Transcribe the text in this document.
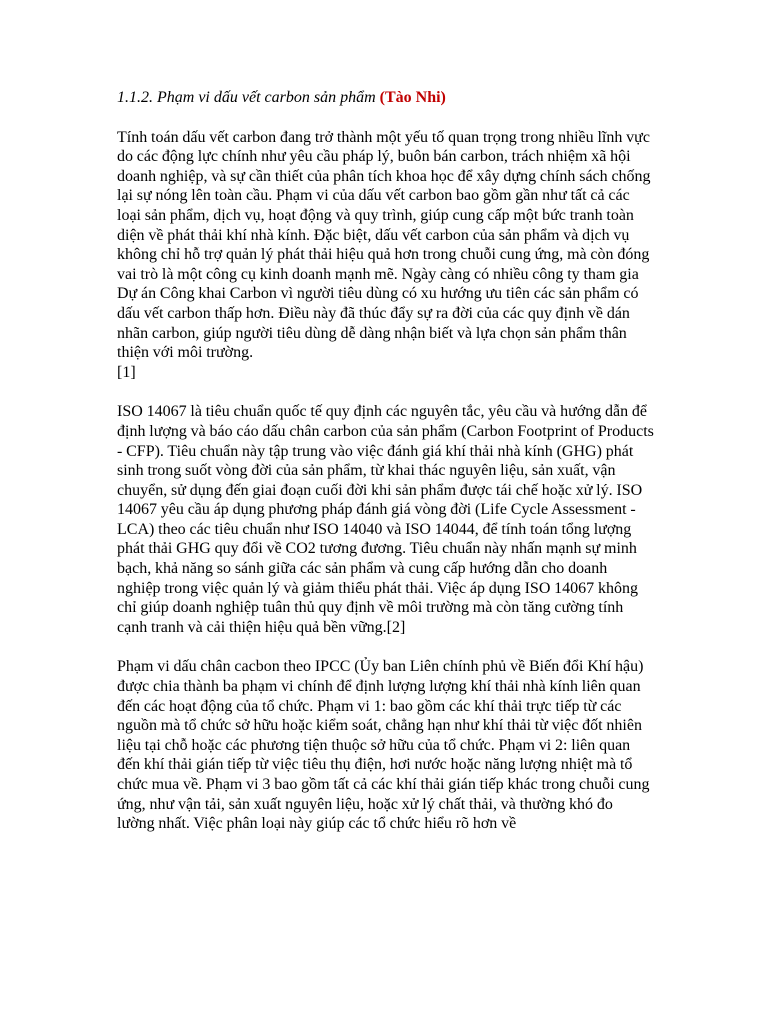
1.1.2. Phạm vi dấu vết carbon sản phẩm (Tào Nhi)

Tính toán dấu vết carbon đang trở thành một yếu tố quan trọng trong nhiều lĩnh vực do các động lực chính như yêu cầu pháp lý, buôn bán carbon, trách nhiệm xã hội doanh nghiệp, và sự cần thiết của phân tích khoa học để xây dựng chính sách chống lại sự nóng lên toàn cầu. Phạm vi của dấu vết carbon bao gồm gần như tất cả các loại sản phẩm, dịch vụ, hoạt động và quy trình, giúp cung cấp một bức tranh toàn diện về phát thải khí nhà kính. Đặc biệt, dấu vết carbon của sản phẩm và dịch vụ không chỉ hỗ trợ quản lý phát thải hiệu quả hơn trong chuỗi cung ứng, mà còn đóng vai trò là một công cụ kinh doanh mạnh mẽ. Ngày càng có nhiều công ty tham gia Dự án Công khai Carbon vì người tiêu dùng có xu hướng ưu tiên các sản phẩm có dấu vết carbon thấp hơn. Điều này đã thúc đẩy sự ra đời của các quy định về dán nhãn carbon, giúp người tiêu dùng dễ dàng nhận biết và lựa chọn sản phẩm thân thiện với môi trường.
[1]

ISO 14067 là tiêu chuẩn quốc tế quy định các nguyên tắc, yêu cầu và hướng dẫn để định lượng và báo cáo dấu chân carbon của sản phẩm (Carbon Footprint of Products - CFP). Tiêu chuẩn này tập trung vào việc đánh giá khí thải nhà kính (GHG) phát sinh trong suốt vòng đời của sản phẩm, từ khai thác nguyên liệu, sản xuất, vận chuyển, sử dụng đến giai đoạn cuối đời khi sản phẩm được tái chế hoặc xử lý. ISO 14067 yêu cầu áp dụng phương pháp đánh giá vòng đời (Life Cycle Assessment - LCA) theo các tiêu chuẩn như ISO 14040 và ISO 14044, để tính toán tổng lượng phát thải GHG quy đổi về CO2 tương đương. Tiêu chuẩn này nhấn mạnh sự minh bạch, khả năng so sánh giữa các sản phẩm và cung cấp hướng dẫn cho doanh nghiệp trong việc quản lý và giảm thiểu phát thải. Việc áp dụng ISO 14067 không chỉ giúp doanh nghiệp tuân thủ quy định về môi trường mà còn tăng cường tính cạnh tranh và cải thiện hiệu quả bền vững.[2]

Phạm vi dấu chân cacbon theo IPCC (Ủy ban Liên chính phủ về Biến đổi Khí hậu) được chia thành ba phạm vi chính để định lượng lượng khí thải nhà kính liên quan đến các hoạt động của tổ chức. Phạm vi 1: bao gồm các khí thải trực tiếp từ các nguồn mà tổ chức sở hữu hoặc kiểm soát, chẳng hạn như khí thải từ việc đốt nhiên liệu tại chỗ hoặc các phương tiện thuộc sở hữu của tổ chức. Phạm vi 2: liên quan đến khí thải gián tiếp từ việc tiêu thụ điện, hơi nước hoặc năng lượng nhiệt mà tổ chức mua về. Phạm vi 3 bao gồm tất cả các khí thải gián tiếp khác trong chuỗi cung ứng, như vận tải, sản xuất nguyên liệu, hoặc xử lý chất thải, và thường khó đo lường nhất. Việc phân loại này giúp các tổ chức hiểu rõ hơn về
